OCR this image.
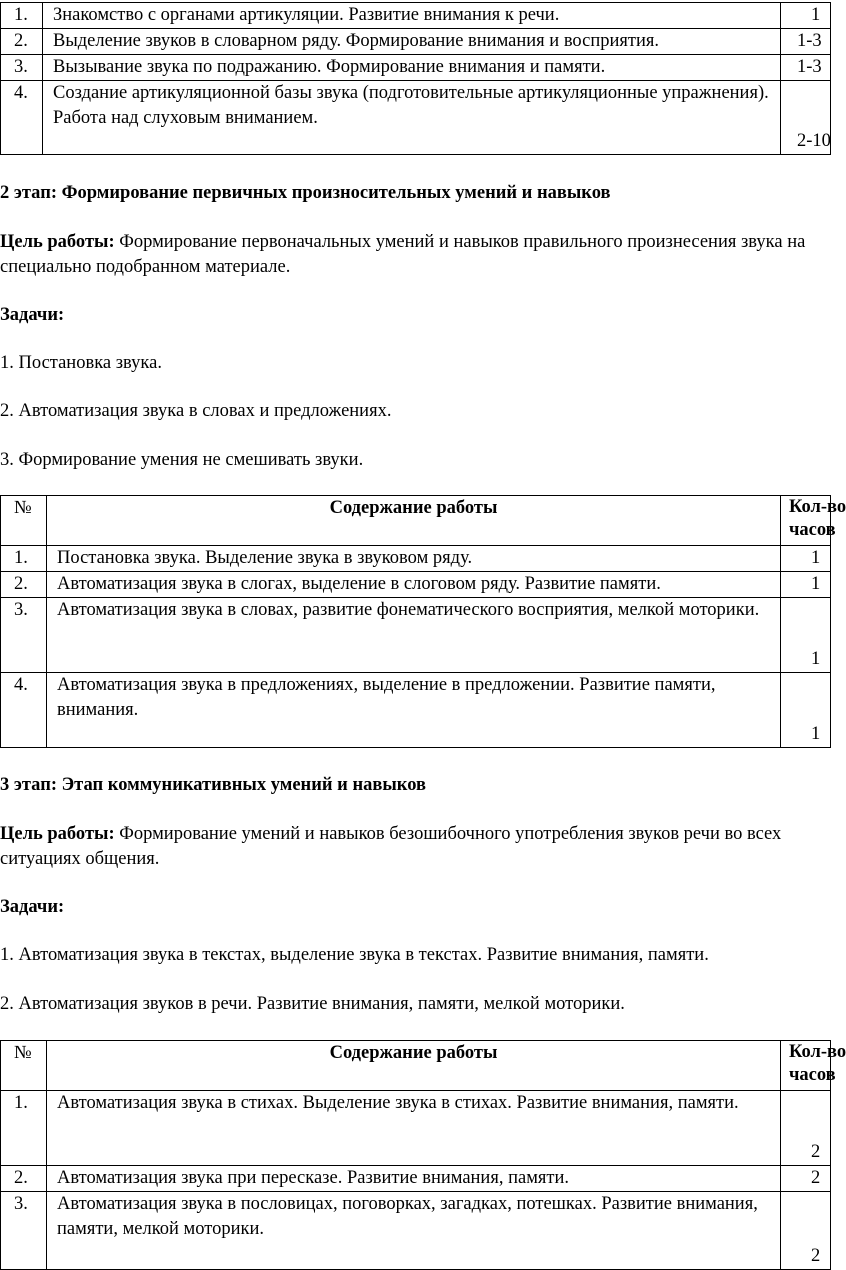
1.	Знакомство с органами артикуляции. Развитие внимания к речи.	1
2.	Выделение звуков в словарном ряду. Формирование внимания и восприятия.	1-3
3.	Вызывание звука по подражанию. Формирование внимания и памяти.	1-3
4.	Создание артикуляционной базы звука (подготовительные артикуляционные упражнения). Работа над слуховым вниманием.	2-10

2 этап: Формирование первичных произносительных умений и навыков

Цель работы: Формирование первоначальных умений и навыков правильного произнесения звука на специально подобранном материале.

Задачи:

1. Постановка звука.

2. Автоматизация звука в словах и предложениях.

3. Формирование умения не смешивать звуки.

№	Содержание работы	Кол-во
часов
1.	Постановка звука. Выделение звука в звуковом ряду.	1
2.	Автоматизация звука в слогах, выделение в слоговом ряду. Развитие памяти.	1
3.	Автоматизация звука в словах, развитие фонематического восприятия, мелкой моторики.	1
4.	Автоматизация звука в предложениях, выделение в предложении. Развитие памяти, внимания.	1

3 этап: Этап коммуникативных умений и навыков

Цель работы: Формирование умений и навыков безошибочного употребления звуков речи во всех ситуациях общения.

Задачи:

1. Автоматизация звука в текстах, выделение звука в текстах. Развитие внимания, памяти.

2. Автоматизация звуков в речи. Развитие внимания, памяти, мелкой моторики.

№	Содержание работы	Кол-во
часов
1.	Автоматизация звука в стихах. Выделение звука в стихах. Развитие внимания, памяти.	2
2.	Автоматизация звука при пересказе. Развитие внимания, памяти.	2
3.	Автоматизация звука в пословицах, поговорках, загадках, потешках. Развитие внимания, памяти, мелкой моторики.	2
